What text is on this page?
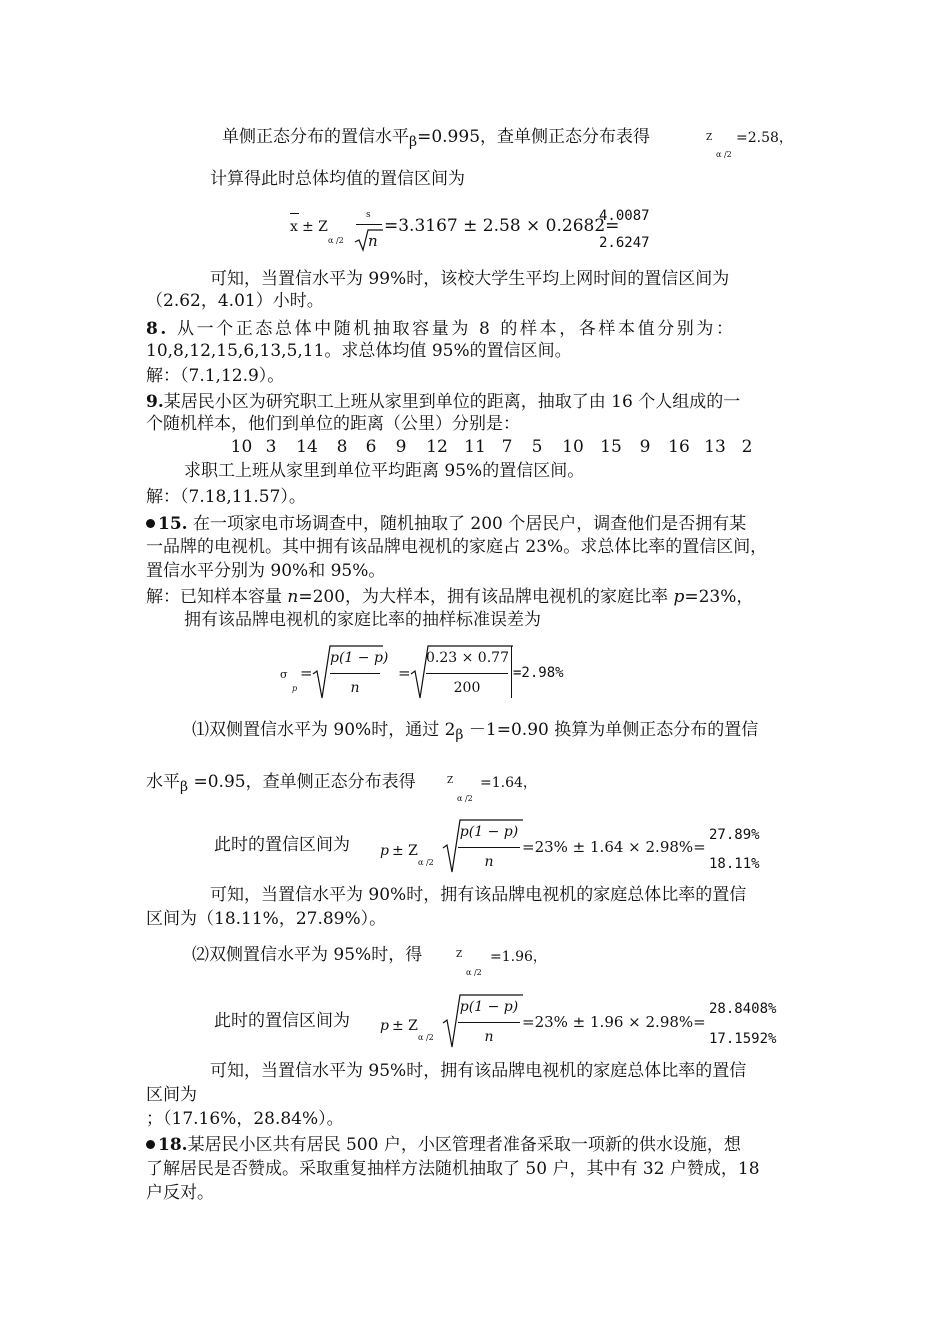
单侧正态分布的置信水平$_\beta$=0.995，查单侧正态分布表得	Z
α /2
=2.58，
计算得此时总体均值的置信区间为
x ± Z
α /2
s
n
=3.3167 ± 2.58 × 0.2682=
4.0087
2.6247
可知，当置信水平为 99%时，该校大学生平均上网时间的置信区间为
（2.62，4.01）小时。
8. 从一个正态总体中随机抽取容量为 8 的样本，各样本值分别为：
10,8,12,15,6,13,5,11。求总体均值 95%的置信区间。
解：（7.1,12.9）。
9.某居民小区为研究职工上班从家里到单位的距离，抽取了由 16 个人组成的一
个随机样本，他们到单位的距离（公里）分别是：
10 3 14 8 6 9 12 11 7 5 10 15 9 16 13 2
求职工上班从家里到单位平均距离 95%的置信区间。
解：（7.18,11.57）。
15. 在一项家电市场调查中，随机抽取了 200 个居民户，调查他们是否拥有某
一品牌的电视机。其中拥有该品牌电视机的家庭占 23%。求总体比率的置信区间，
置信水平分别为 90%和 95%。
解：已知样本容量 n=200，为大样本，拥有该品牌电视机的家庭比率 p=23%，
拥有该品牌电视机的家庭比率的抽样标准误差为
σ
p
=
p(1 − p)
n
=
0.23 × 0.77
200
=2.98%
⑴双侧置信水平为 90%时，通过 $2_\beta -1=0.90$ 换算为单侧正态分布的置信
水平$_\beta$ =0.95，查单侧正态分布表得	Z
α /2
=1.64，
此时的置信区间为 p ± Z
α /2
p(1 − p)
n
=23% ± 1.64 × 2.98%=
27.89%
18.11%
可知，当置信水平为 90%时，拥有该品牌电视机的家庭总体比率的置信
区间为（18.11%，27.89%）。
⑵双侧置信水平为 95%时，得	Z
α /2
=1.96，
此时的置信区间为 p ± Z
α /2
p(1 − p)
n
=23% ± 1.96 × 2.98%=
28.8408%
17.1592%
可知，当置信水平为 95%时，拥有该品牌电视机的家庭总体比率的置信
区间为
；（17.16%，28.84%）。
18.某居民小区共有居民 500 户，小区管理者准备采取一项新的供水设施，想
了解居民是否赞成。采取重复抽样方法随机抽取了 50 户，其中有 32 户赞成，18
户反对。
